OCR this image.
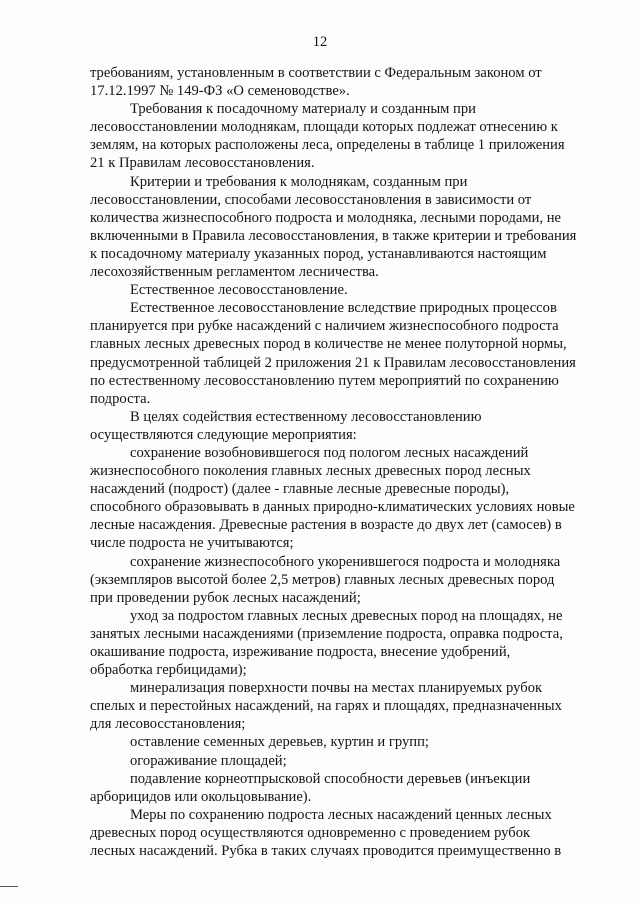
12

требованиям, установленным в соответствии с Федеральным законом от
17.12.1997 № 149-ФЗ «О семеноводстве».

Требования к посадочному материалу и созданным при
лесовосстановлении молоднякам, площади которых подлежат отнесению к
землям, на которых расположены леса, определены в таблице 1 приложения
21 к Правилам лесовосстановления.

Критерии и требования к молоднякам, созданным при
лесовосстановлении, способами лесовосстановления в зависимости от
количества жизнеспособного подроста и молодняка, лесными породами, не
включенными в Правила лесовосстановления, в также критерии и требования
к посадочному материалу указанных пород, устанавливаются настоящим
лесохозяйственным регламентом лесничества.

Естественное лесовосстановление.

Естественное лесовосстановление вследствие природных процессов
планируется при рубке насаждений с наличием жизнеспособного подроста
главных лесных древесных пород в количестве не менее полуторной нормы,
предусмотренной таблицей 2 приложения 21 к Правилам лесовосстановления
по естественному лесовосстановлению путем мероприятий по сохранению
подроста.

В целях содействия естественному лесовосстановлению
осуществляются следующие мероприятия:

сохранение возобновившегося под пологом лесных насаждений
жизнеспособного поколения главных лесных древесных пород лесных
насаждений (подрост) (далее - главные лесные древесные породы),
способного образовывать в данных природно-климатических условиях новые
лесные насаждения. Древесные растения в возрасте до двух лет (самосев) в
числе подроста не учитываются;

сохранение жизнеспособного укоренившегося подроста и молодняка
(экземпляров высотой более 2,5 метров) главных лесных древесных пород
при проведении рубок лесных насаждений;

уход за подростом главных лесных древесных пород на площадях, не
занятых лесными насаждениями (приземление подроста, оправка подроста,
окашивание подроста, изреживание подроста, внесение удобрений,
обработка гербицидами);

минерализация поверхности почвы на местах планируемых рубок
спелых и перестойных насаждений, на гарях и площадях, предназначенных
для лесовосстановления;

оставление семенных деревьев, куртин и групп;

огораживание площадей;

подавление корнеотпрысковой способности деревьев (инъекции
арборицидов или окольцовывание).

Меры по сохранению подроста лесных насаждений ценных лесных
древесных пород осуществляются одновременно с проведением рубок
лесных насаждений. Рубка в таких случаях проводится преимущественно в
